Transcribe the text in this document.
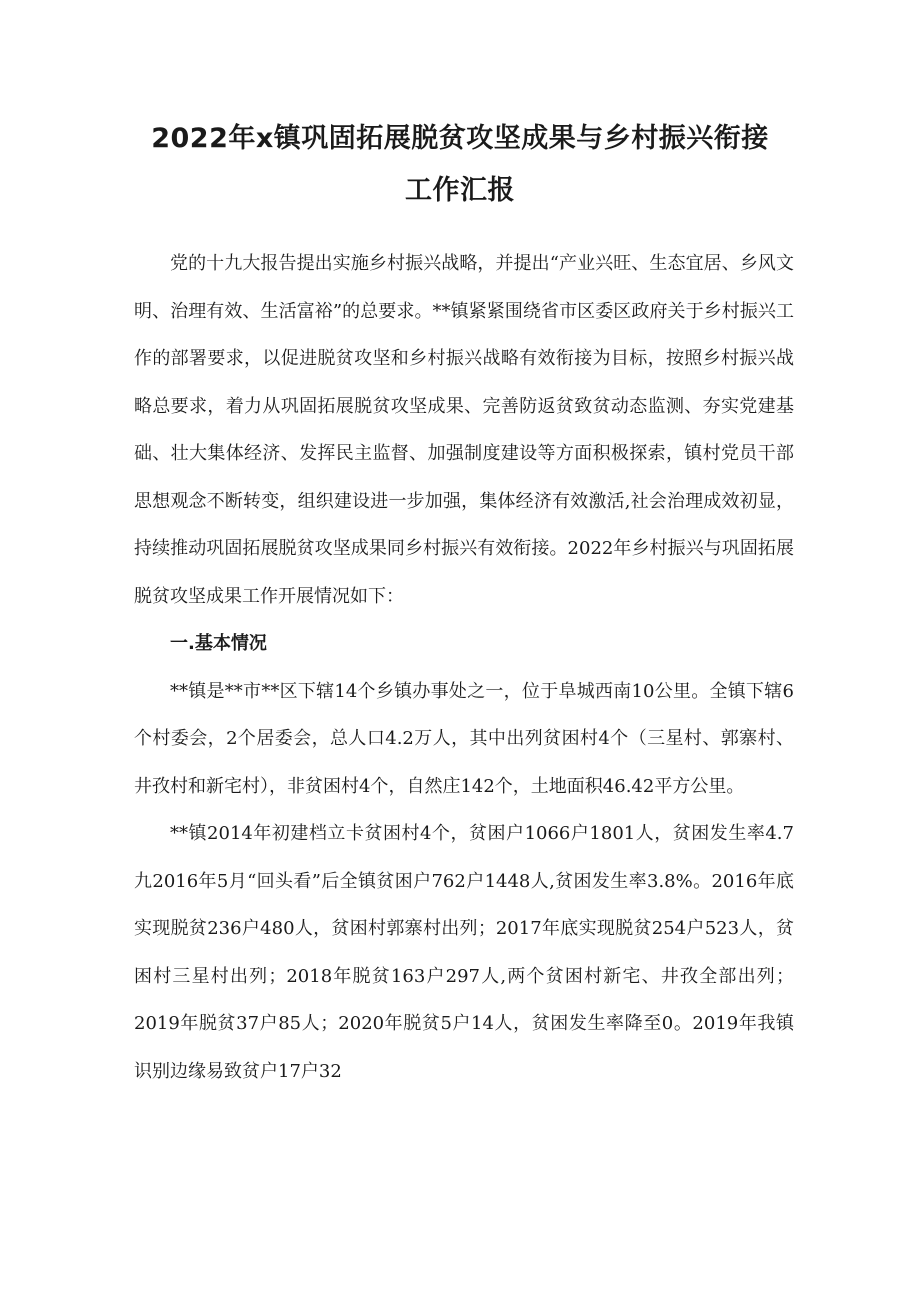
2022年x镇巩固拓展脱贫攻坚成果与乡村振兴衔接
工作汇报

党的十九大报告提出实施乡村振兴战略，并提出“产业兴旺、生态宜居、乡风文明、治理有效、生活富裕”的总要求。**镇紧紧围绕省市区委区政府关于乡村振兴工作的部署要求，以促进脱贫攻坚和乡村振兴战略有效衔接为目标，按照乡村振兴战略总要求，着力从巩固拓展脱贫攻坚成果、完善防返贫致贫动态监测、夯实党建基础、壮大集体经济、发挥民主监督、加强制度建设等方面积极探索，镇村党员干部思想观念不断转变，组织建设进一步加强，集体经济有效激活,社会治理成效初显，持续推动巩固拓展脱贫攻坚成果同乡村振兴有效衔接。2022年乡村振兴与巩固拓展脱贫攻坚成果工作开展情况如下：

一.基本情况

**镇是**市**区下辖14个乡镇办事处之一，位于阜城西南10公里。全镇下辖6个村委会，2个居委会，总人口4.2万人，其中出列贫困村4个（三星村、郭寨村、井孜村和新宅村），非贫困村4个，自然庄142个，土地面积46.42平方公里。

**镇2014年初建档立卡贫困村4个，贫困户1066户1801人，贫困发生率4.7九2016年5月“回头看”后全镇贫困户762户1448人,贫困发生率3.8%。2016年底实现脱贫236户480人，贫困村郭寨村出列；2017年底实现脱贫254户523人，贫困村三星村出列；2018年脱贫163户297人,两个贫困村新宅、井孜全部出列；2019年脱贫37户85人；2020年脱贫5户14人，贫困发生率降至0。2019年我镇识别边缘易致贫户17户32
